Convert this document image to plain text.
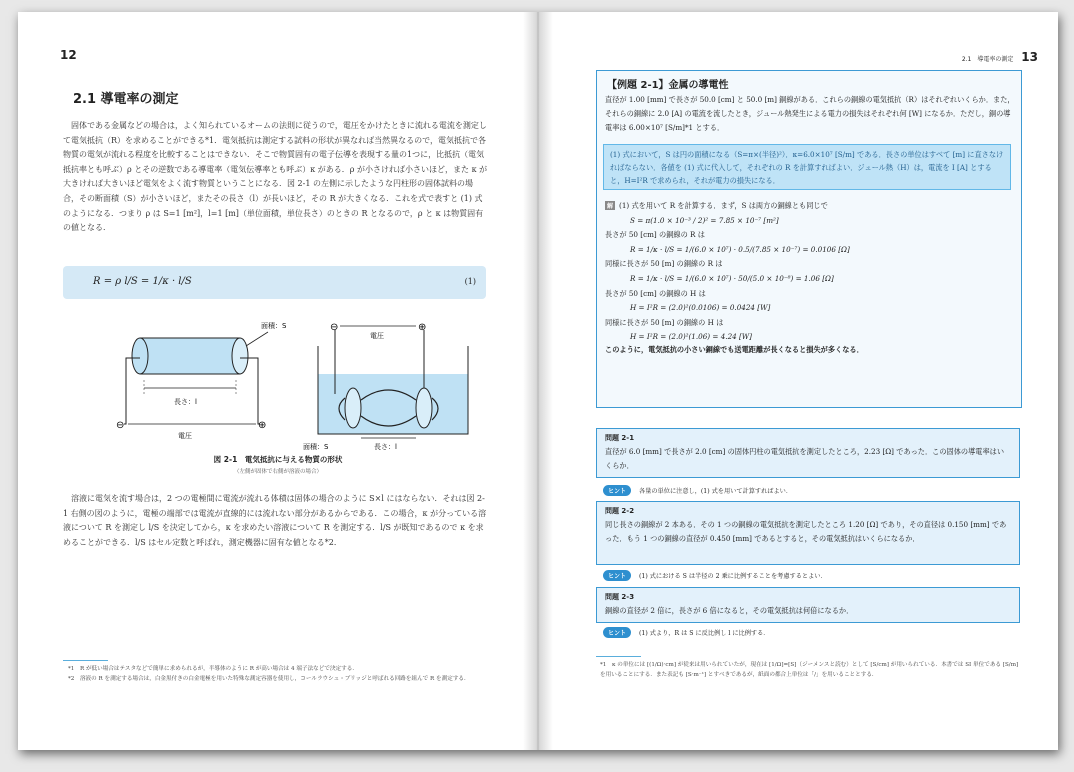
12
2.1 導電率の測定

固体である金属などの場合は，よく知られているオームの法則に従うので，電圧をかけたときに流れる電流を測定して電気抵抗（R）を求めることができる*1．電気抵抗は測定する試料の形状が異なれば当然異なるので，電気抵抗で各物質の電気が流れる程度を比較することはできない．そこで物質固有の電子伝導を表現する量の1つに，比抵抗（電気抵抗率とも呼ぶ）ρ とその逆数である導電率（電気伝導率とも呼ぶ）κ がある．ρ が小さければ小さいほど，また κ が大きければ大きいほど電気をよく流す物質ということになる．図 2-1 の左側に示したような円柱形の固体試料の場合，その断面積（S）が小さいほど，またその長さ（l）が長いほど，その R が大きくなる．これを式で表すと (1) 式のようになる．つまり ρ は S=1 [m²]，l=1 [m]（単位面積，単位長さ）のときの R となるので，ρ と κ は物質固有の値となる．

R = ρ l/S = 1/κ · l/S	(1)
面積：S
長さ：l
⊖	⊕
電圧
⊖	⊕
電圧
長さ：l
面積：S
図 2-1　電気抵抗に与える物質の形状
（左側が固体で右側が溶液の場合）

溶液に電気を流す場合は，2 つの電極間に電流が流れる体積は固体の場合のように S×l にはならない．それは図 2-1 右側の図のように，電極の端部では電流が直線的には流れない部分があるからである．この場合，κ が分っている溶液について R を測定し l/S を決定してから，κ を求めたい溶液について R を測定する．l/S が既知であるので κ を求めることができる．l/S はセル定数と呼ばれ，測定機器に固有な値となる*2．

*1　R が低い場合はテスタなどで簡単に求められるが，半導体のように R が高い場合は 4 端子法などで決定する．

*2　溶液の R を測定する場合は，白金黒付きの白金電極を用いた特殊な測定容器を使用し，コールラウシュ・ブリッジと呼ばれる回路を組んで R を測定する．

2.1　導電率の測定 13
【例題 2-1】金属の導電性

直径が 1.00 [mm] で長さが 50.0 [cm] と 50.0 [m] 銅線がある．これらの銅線の電気抵抗（R）はそれぞれいくらか．また，それらの銅線に 2.0 [A] の電流を流したとき，ジュール熱発生による電力の損失はそれぞれ何 [W] になるか．ただし，銅の導電率は 6.00×10⁷ [S/m]*1 とする．

(1) 式において，S は円の面積になる（S=π×(半径)²）．κ=6.0×10⁷ [S/m] である．長さの単位はすべて [m] に直さなければならない．各値を (1) 式に代入して，それぞれの R を計算すればよい．ジュール熱（H）は，電流を I [A] とすると，H=I²R で求められ，それが電力の損失になる．
解 (1) 式を用いて R を計算する．まず，S は両方の銅線とも同じで
S = π(1.0 × 10⁻³ / 2)² = 7.85 × 10⁻⁷ [m²]
長さが 50 [cm] の銅線の R は
R = 1/κ · l/S = 1/(6.0 × 10⁷) · 0.5/(7.85 × 10⁻⁷) = 0.0106 [Ω]
同様に長さが 50 [m] の銅線の R は
R = 1/κ · l/S = 1/(6.0 × 10⁷) · 50/(5.0 × 10⁻⁸) = 1.06 [Ω]
長さが 50 [cm] の銅線の H は
H = I²R = (2.0)²(0.0106) = 0.0424 [W]
同様に長さが 50 [m] の銅線の H は
H = I²R = (2.0)²(1.06) = 4.24 [W]
このように，電気抵抗の小さい銅線でも送電距離が長くなると損失が多くなる．
問題 2-1

直径が 6.0 [mm] で長さが 2.0 [cm] の固体円柱の電気抵抗を測定したところ，2.23 [Ω] であった．この固体の導電率はいくらか．

ヒント 各量の単位に注意し，(1) 式を用いて計算すればよい．
問題 2-2

同じ長さの銅線が 2 本ある．その 1 つの銅線の電気抵抗を測定したところ 1.20 [Ω] であり，その直径は 0.150 [mm] であった．もう 1 つの銅線の直径が 0.450 [mm] であるとすると，その電気抵抗はいくらになるか．

ヒント (1) 式における S は半径の 2 乗に比例することを考慮するとよい．
問題 2-3

銅線の直径が 2 倍に，長さが 6 倍になると，その電気抵抗は何倍になるか．

ヒント (1) 式より，R は S に反比例し l に比例する．

*1　κ の単位には [(1/Ω)·cm] が従来は用いられていたが，現在は [1/Ω]=[S]（ジーメンスと読む）として [S/cm] が用いられている．本書では SI 単位である [S/m] を用いることにする．また表記も [S·m⁻¹] とすべきであるが，紙面の都合上単位は「/」を用いることとする．
